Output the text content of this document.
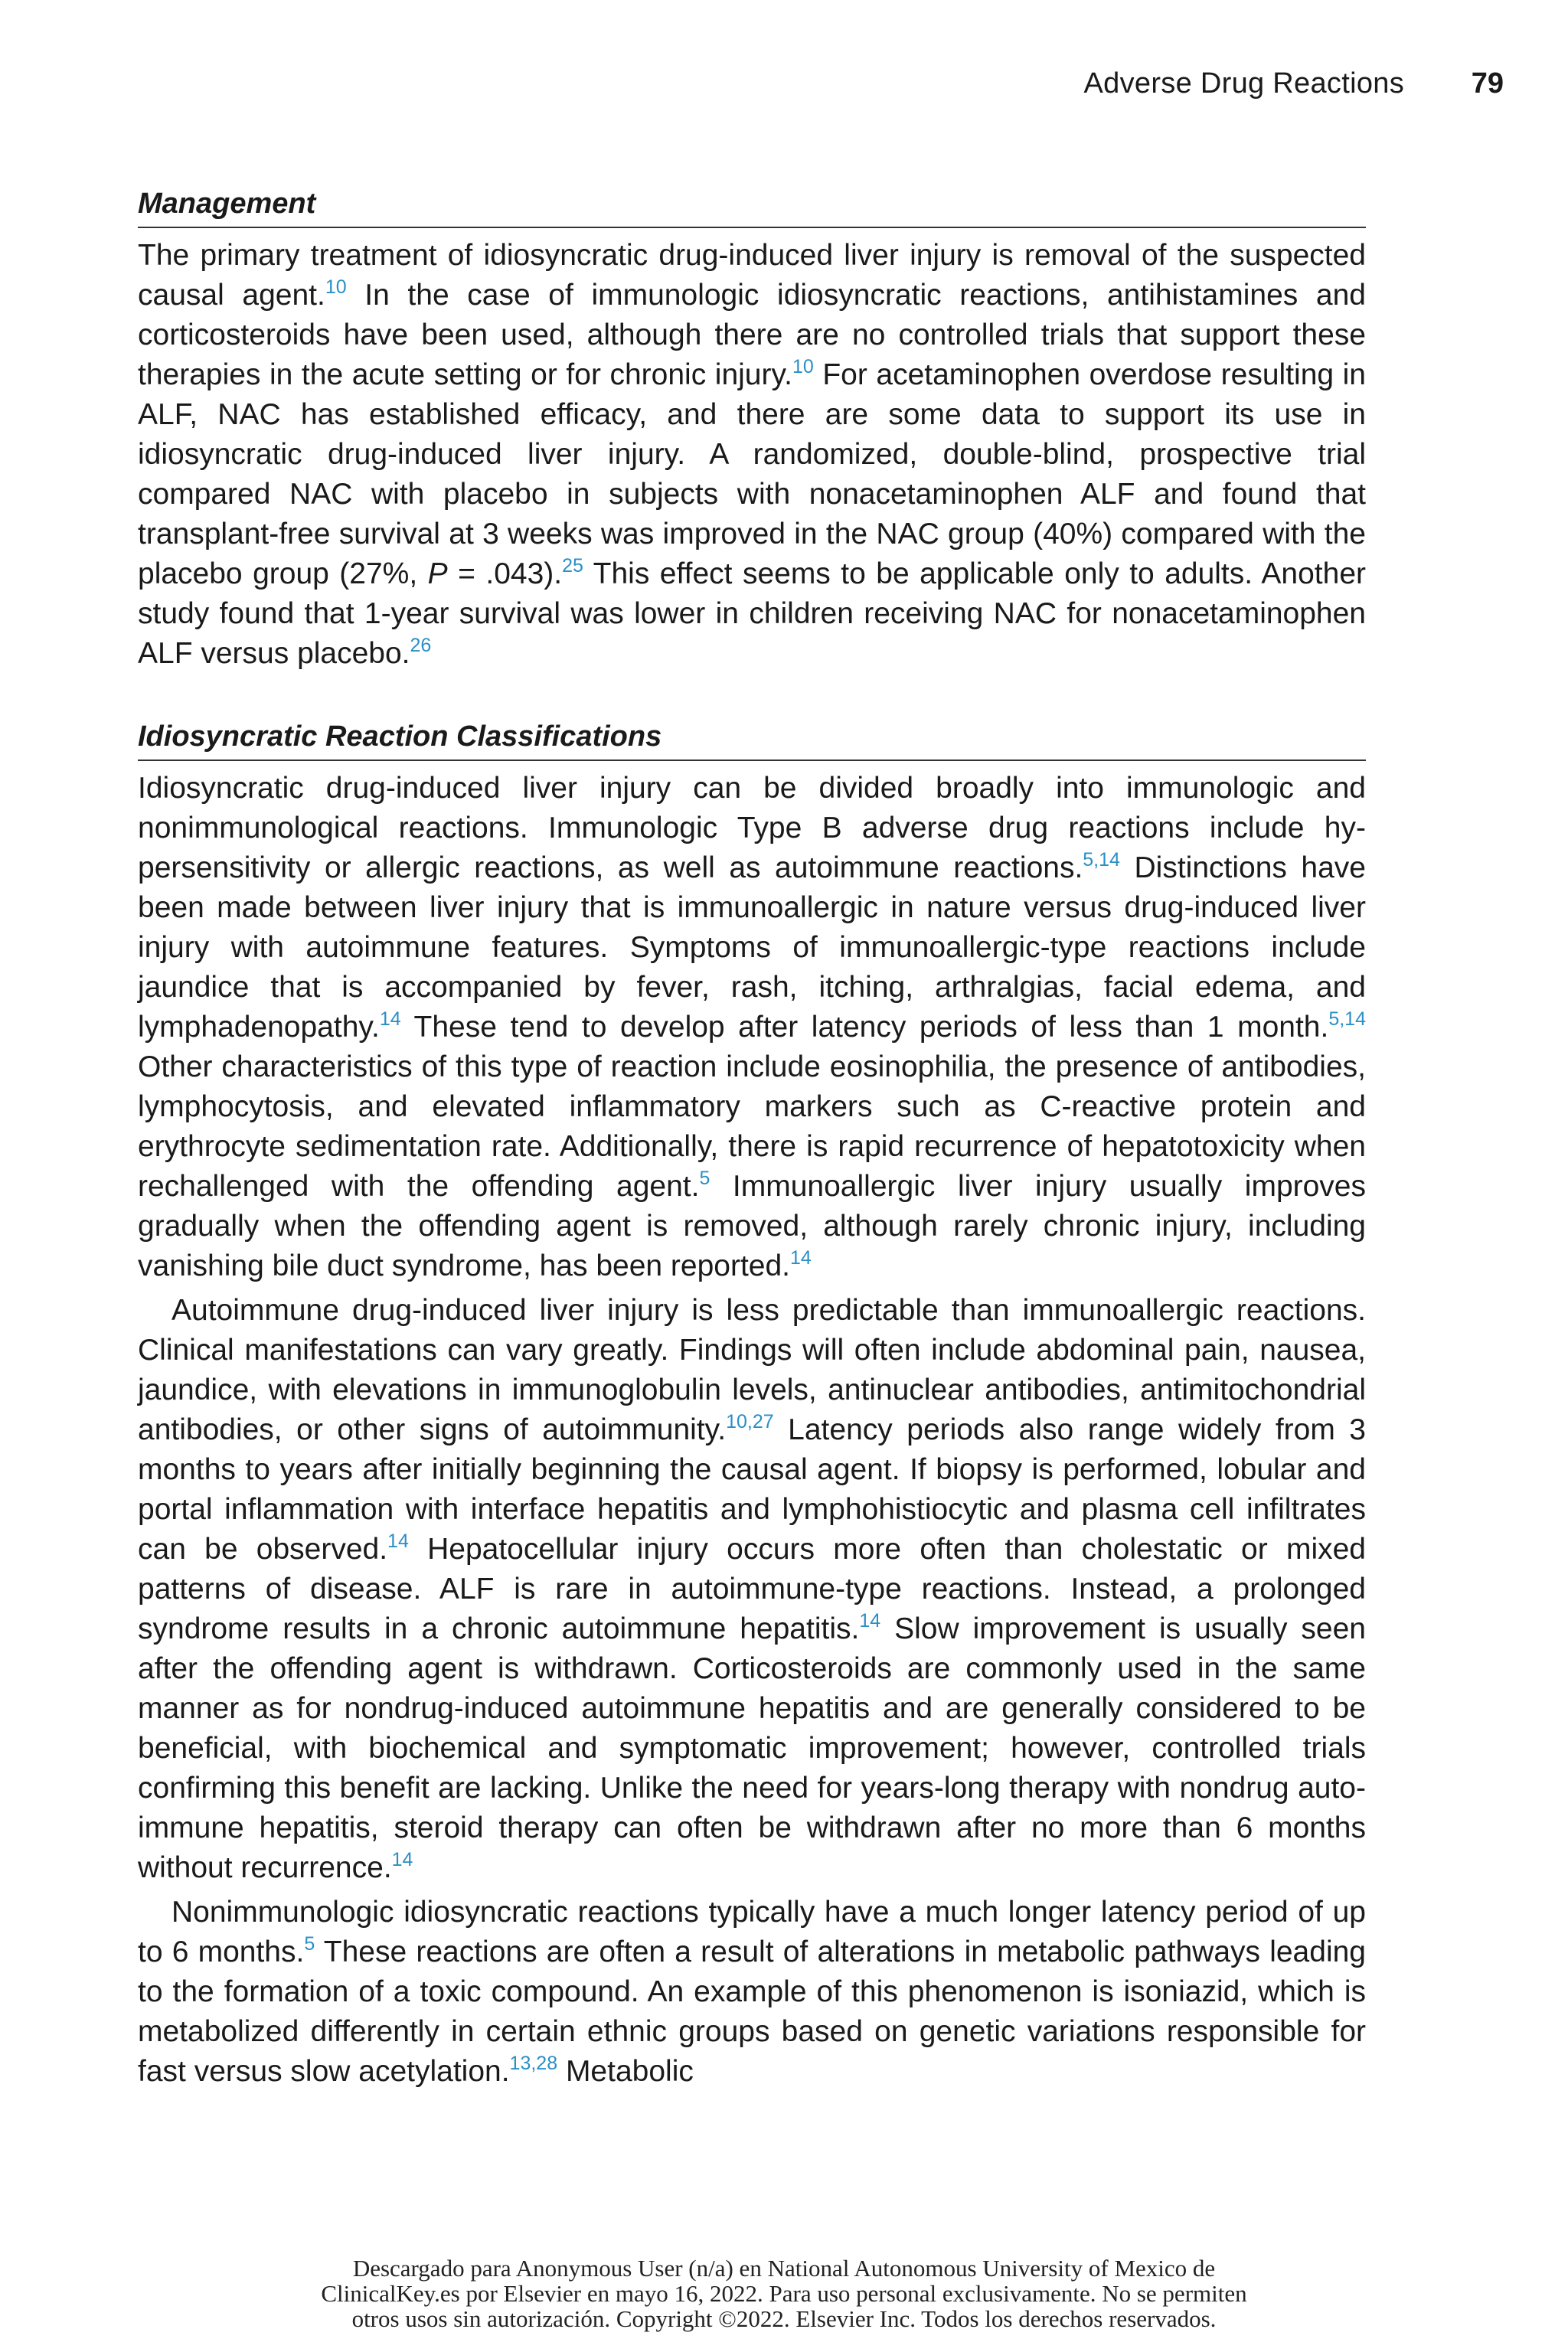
Adverse Drug Reactions 79
Management

The primary treatment of idiosyncratic drug-induced liver injury is removal of the suspected causal agent.$^{10}$ In the case of immunologic idiosyncratic reactions, antihistamines and corticosteroids have been used, although there are no controlled trials that support these therapies in the acute setting or for chronic injury.$^{10}$ For acetaminophen overdose resulting in ALF, NAC has established efficacy, and there are some data to support its use in idiosyncratic drug-induced liver injury. A randomized, double-blind, prospective trial compared NAC with placebo in subjects with nonacetaminophen ALF and found that transplant-free survival at 3 weeks was improved in the NAC group (40%) compared with the placebo group (27%, P = .043).$^{25}$ This effect seems to be applicable only to adults. Another study found that 1-year survival was lower in children receiving NAC for nonacetaminophen ALF versus placebo.$^{26}$

Idiosyncratic Reaction Classifications

Idiosyncratic drug-induced liver injury can be divided broadly into immunologic and nonimmunological reactions. Immunologic Type B adverse drug reactions include hypersensitivity or allergic reactions, as well as autoimmune reactions.$^{5,14}$ Distinctions have been made between liver injury that is immunoallergic in nature versus drug-induced liver injury with autoimmune features. Symptoms of immunoallergic-type reactions include jaundice that is accompanied by fever, rash, itching, arthralgias, facial edema, and lymphadenopathy.$^{14}$ These tend to develop after latency periods of less than 1 month.$^{5,14}$ Other characteristics of this type of reaction include eosinophilia, the presence of antibodies, lymphocytosis, and elevated inflammatory markers such as C-reactive protein and erythrocyte sedimentation rate. Additionally, there is rapid recurrence of hepatotoxicity when rechallenged with the offending agent.$^5$ Immunoallergic liver injury usually improves gradually when the offending agent is removed, although rarely chronic injury, including vanishing bile duct syndrome, has been reported.$^{14}$

Autoimmune drug-induced liver injury is less predictable than immunoallergic reactions. Clinical manifestations can vary greatly. Findings will often include abdominal pain, nausea, jaundice, with elevations in immunoglobulin levels, antinuclear antibodies, antimitochondrial antibodies, or other signs of autoimmunity.$^{10,27}$ Latency periods also range widely from 3 months to years after initially beginning the causal agent. If biopsy is performed, lobular and portal inflammation with interface hepatitis and lymphohistiocytic and plasma cell infiltrates can be observed.$^{14}$ Hepatocellular injury occurs more often than cholestatic or mixed patterns of disease. ALF is rare in autoimmune-type reactions. Instead, a prolonged syndrome results in a chronic autoimmune hepatitis.$^{14}$ Slow improvement is usually seen after the offending agent is withdrawn. Corticosteroids are commonly used in the same manner as for nondrug-induced autoimmune hepatitis and are generally considered to be beneficial, with biochemical and symptomatic improvement; however, controlled trials confirming this benefit are lacking. Unlike the need for years-long therapy with nondrug autoimmune hepatitis, steroid therapy can often be withdrawn after no more than 6 months without recurrence.$^{14}$

Nonimmunologic idiosyncratic reactions typically have a much longer latency period of up to 6 months.$^5$ These reactions are often a result of alterations in metabolic pathways leading to the formation of a toxic compound. An example of this phenomenon is isoniazid, which is metabolized differently in certain ethnic groups based on genetic variations responsible for fast versus slow acetylation.$^{13,28}$ Metabolic

Descargado para Anonymous User (n/a) en National Autonomous University of Mexico de
ClinicalKey.es por Elsevier en mayo 16, 2022. Para uso personal exclusivamente. No se permiten
otros usos sin autorización. Copyright ©2022. Elsevier Inc. Todos los derechos reservados.
